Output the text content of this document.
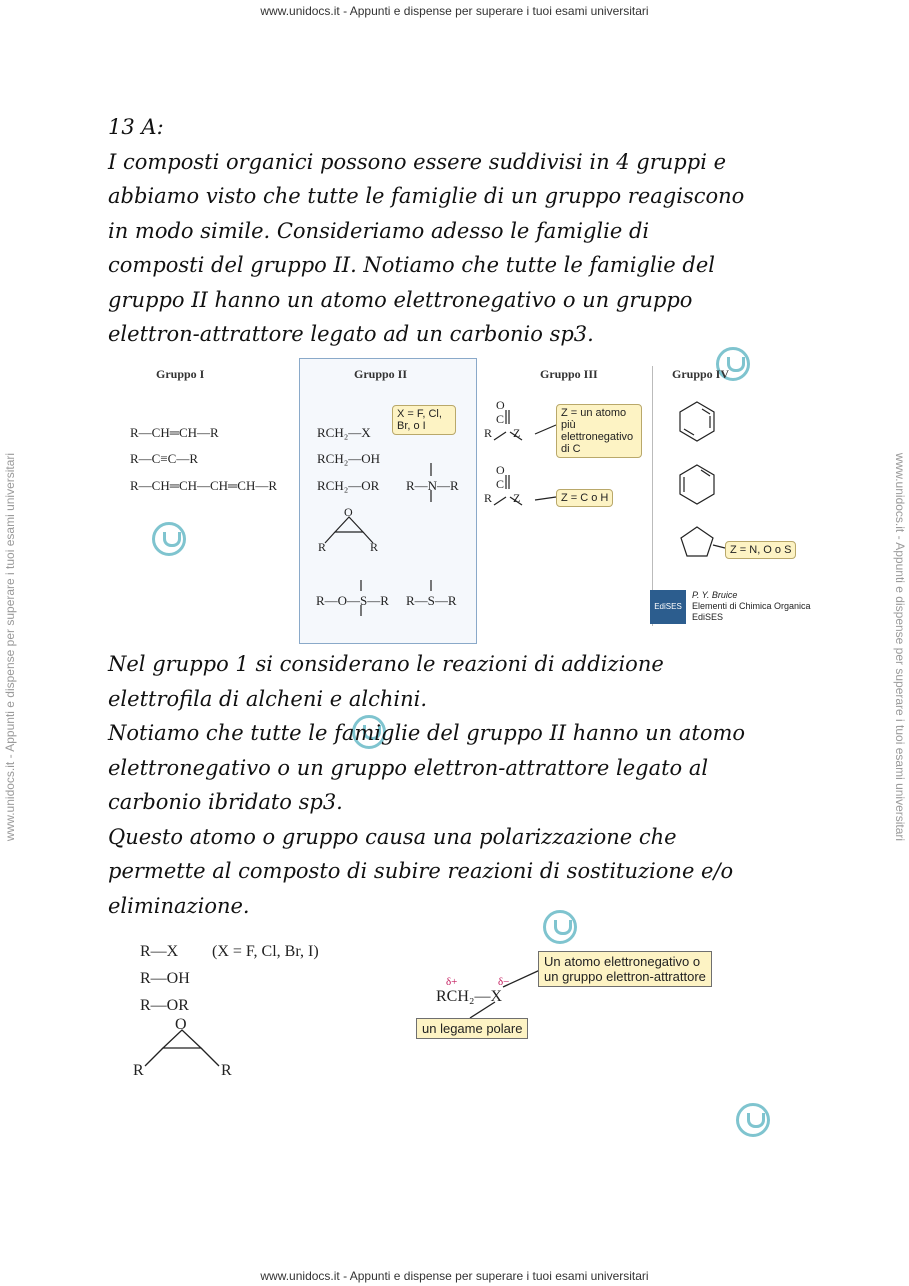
www.unidocs.it - Appunti e dispense per superare i tuoi esami universitari
www.unidocs.it - Appunti e dispense per superare i tuoi esami universitari
www.unidocs.it - Appunti e dispense per superare i tuoi esami universitari	www.unidocs.it - Appunti e dispense per superare i tuoi esami universitari

13 A:

I composti organici possono essere suddivisi in 4 gruppi e

abbiamo visto che tutte le famiglie di un gruppo reagiscono

in modo simile. Consideriamo adesso le famiglie di

composti del gruppo II. Notiamo che tutte le famiglie del

gruppo II hanno un atomo elettronegativo o un gruppo

elettron-attrattore legato ad un carbonio sp3.

Gruppo I	Gruppo II	Gruppo III	Gruppo IV
R—CH═CH—R
R—C≡C—R
R—CH═CH—CH═CH—R
RCH₂—X
RCH₂—OH
RCH₂—OR R—N—R
R—O—S—R R—S—R
X = F, Cl, Br, o I
O
R	R
O
C
R       Z
O
C
R       Z
Z = un atomo più elettronegativo di C
Z = C o H
Z = N, O o S
EdiSES
P. Y. Bruice
Elementi di Chimica Organica
EdiSES

Nel gruppo 1 si considerano le reazioni di addizione

elettrofila di alcheni e alchini.

Notiamo che tutte le famiglie del gruppo II hanno un atomo

elettronegativo o un gruppo elettron-attrattore legato al

carbonio ibridato sp3.

Questo atomo o gruppo causa una polarizzazione che

permette al composto di subire reazioni di sostituzione e/o

eliminazione.

R—X (X = F, Cl, Br, I)
R—OH
R—OR
O
R	R
δ+	δ−
RCH₂—X
Un atomo elettronegativo o
un gruppo elettron-attrattore
un legame polare
